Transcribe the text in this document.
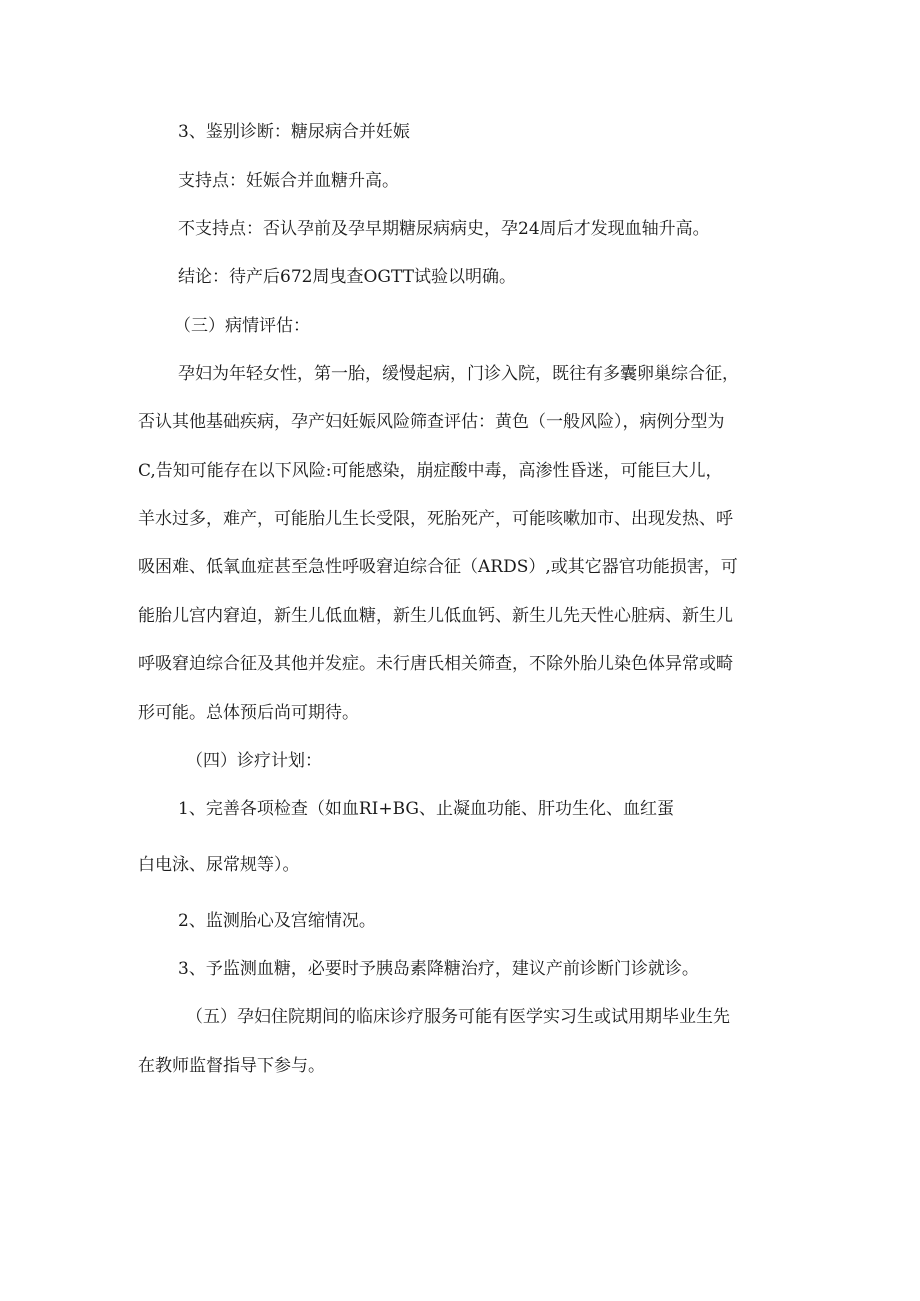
3、鉴别诊断：糖尿病合并妊娠
支持点：妊娠合并血糖升高。
不支持点：否认孕前及孕早期糖尿病病史，孕24周后才发现血轴升高。
结论：待产后672周曳查OGTT试验以明确。
（三）病情评估：
孕妇为年轻女性，第一胎，缓慢起病，门诊入院，既往有多囊卵巢综合征，
否认其他基础疾病，孕产妇妊娠风险筛查评估：黄色（一般风险），病例分型为
C,告知可能存在以下风险:可能感染，崩症酸中毒，高渗性昏迷，可能巨大儿，
羊水过多，难产，可能胎儿生长受限，死胎死产，可能咳嗽加市、出现发热、呼
吸困难、低氧血症甚至急性呼吸窘迫综合征（ARDS）,或其它器官功能损害，可
能胎儿宫内窘迫，新生儿低血糖，新生儿低血钙、新生儿先天性心脏病、新生儿
呼吸窘迫综合征及其他并发症。未行唐氏相关筛查，不除外胎儿染色体异常或畸
形可能。总体预后尚可期待。
（四）诊疗计划：
1、完善各项检查（如血RI+BG、止凝血功能、肝功生化、血红蛋
白电泳、尿常规等）。
2、监测胎心及宫缩情况。
3、予监测血糖，必要时予胰岛素降糖治疗，建议产前诊断门诊就诊。
（五）孕妇住院期间的临床诊疗服务可能有医学实习生或试用期毕业生先
在教师监督指导下参与。
